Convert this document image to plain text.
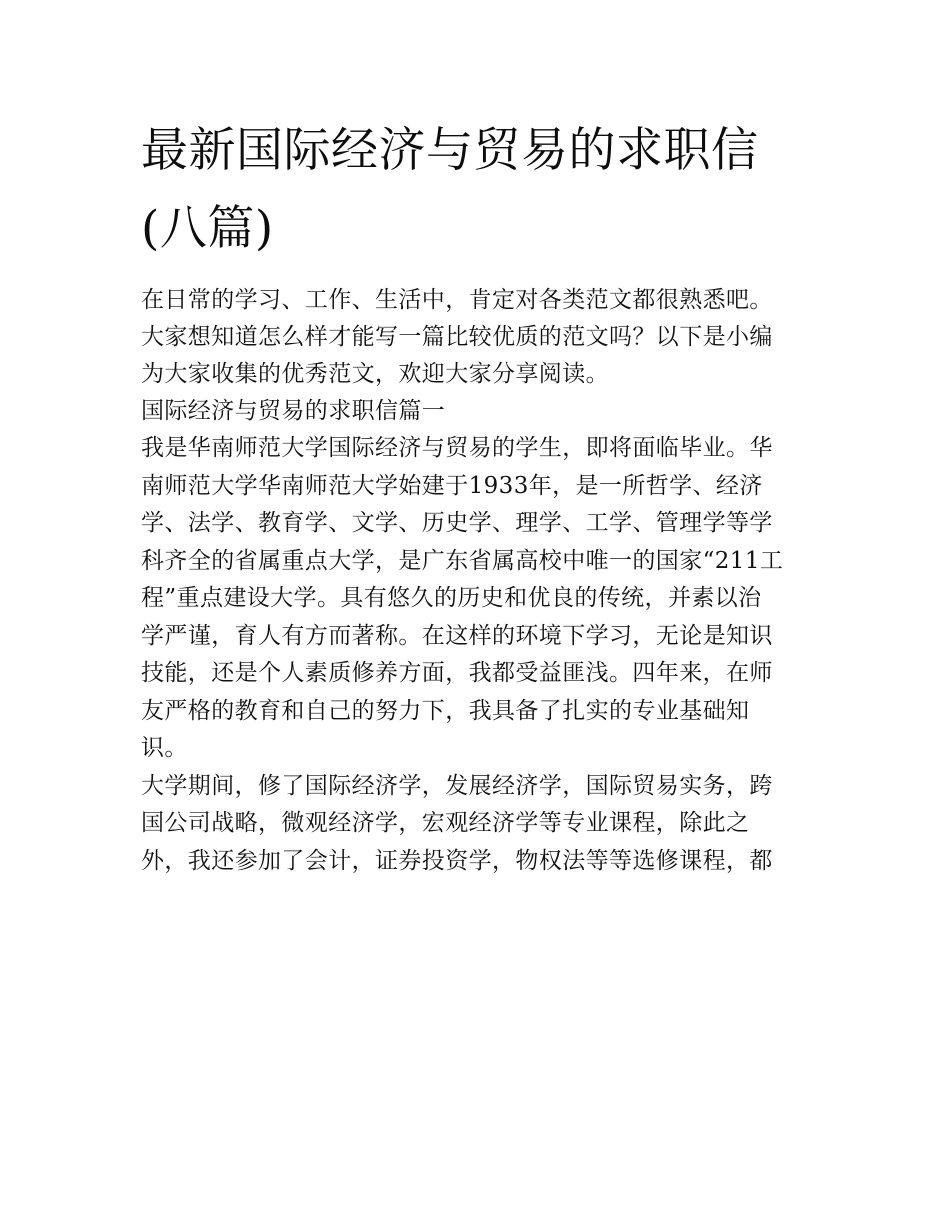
最新国际经济与贸易的求职信
(八篇)

在日常的学习、工作、生活中，肯定对各类范文都很熟悉吧。
大家想知道怎么样才能写一篇比较优质的范文吗？以下是小编
为大家收集的优秀范文，欢迎大家分享阅读。

国际经济与贸易的求职信篇一

我是华南师范大学国际经济与贸易的学生，即将面临毕业。华
南师范大学华南师范大学始建于1933年，是一所哲学、经济
学、法学、教育学、文学、历史学、理学、工学、管理学等学
科齐全的省属重点大学，是广东省属高校中唯一的国家“211工
程”重点建设大学。具有悠久的历史和优良的传统，并素以治
学严谨，育人有方而著称。在这样的环境下学习，无论是知识
技能，还是个人素质修养方面，我都受益匪浅。四年来，在师
友严格的教育和自己的努力下，我具备了扎实的专业基础知
识。

大学期间，修了国际经济学，发展经济学，国际贸易实务，跨
国公司战略，微观经济学，宏观经济学等专业课程，除此之
外，我还参加了会计，证券投资学，物权法等等选修课程，都
